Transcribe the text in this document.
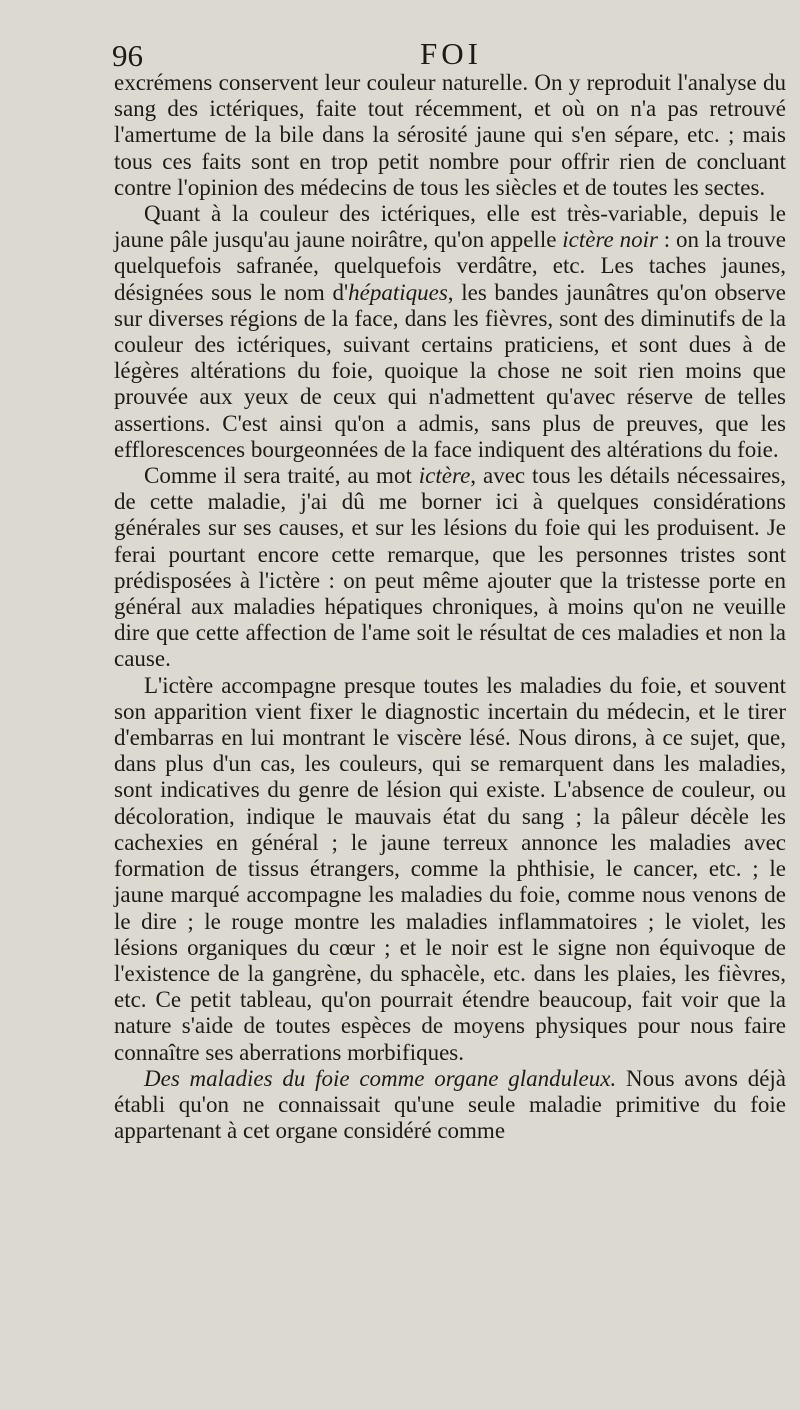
96	FOI

excrémens conservent leur couleur naturelle. On y reproduit l'analyse du sang des ictériques, faite tout récemment, et où on n'a pas retrouvé l'amertume de la bile dans la sérosité jaune qui s'en sépare, etc. ; mais tous ces faits sont en trop petit nombre pour offrir rien de concluant contre l'opinion des médecins de tous les siècles et de toutes les sectes.

Quant à la couleur des ictériques, elle est très-variable, depuis le jaune pâle jusqu'au jaune noirâtre, qu'on appelle ictère noir : on la trouve quelquefois safranée, quelquefois verdâtre, etc. Les taches jaunes, désignées sous le nom d'hépatiques, les bandes jaunâtres qu'on observe sur diverses régions de la face, dans les fièvres, sont des diminutifs de la couleur des ictériques, suivant certains praticiens, et sont dues à de légères altérations du foie, quoique la chose ne soit rien moins que prouvée aux yeux de ceux qui n'admettent qu'avec réserve de telles assertions. C'est ainsi qu'on a admis, sans plus de preuves, que les efflorescences bourgeonnées de la face indiquent des altérations du foie.

Comme il sera traité, au mot ictère, avec tous les détails nécessaires, de cette maladie, j'ai dû me borner ici à quelques considérations générales sur ses causes, et sur les lésions du foie qui les produisent. Je ferai pourtant encore cette remarque, que les personnes tristes sont prédisposées à l'ictère : on peut même ajouter que la tristesse porte en général aux maladies hépatiques chroniques, à moins qu'on ne veuille dire que cette affection de l'ame soit le résultat de ces maladies et non la cause.

L'ictère accompagne presque toutes les maladies du foie, et souvent son apparition vient fixer le diagnostic incertain du médecin, et le tirer d'embarras en lui montrant le viscère lésé. Nous dirons, à ce sujet, que, dans plus d'un cas, les couleurs, qui se remarquent dans les maladies, sont indicatives du genre de lésion qui existe. L'absence de couleur, ou décoloration, indique le mauvais état du sang ; la pâleur décèle les cachexies en général ; le jaune terreux annonce les maladies avec formation de tissus étrangers, comme la phthisie, le cancer, etc. ; le jaune marqué accompagne les maladies du foie, comme nous venons de le dire ; le rouge montre les maladies inflammatoires ; le violet, les lésions organiques du cœur ; et le noir est le signe non équivoque de l'existence de la gangrène, du sphacèle, etc. dans les plaies, les fièvres, etc. Ce petit tableau, qu'on pourrait étendre beaucoup, fait voir que la nature s'aide de toutes espèces de moyens physiques pour nous faire connaître ses aberrations morbifiques.

Des maladies du foie comme organe glanduleux. Nous avons déjà établi qu'on ne connaissait qu'une seule maladie primitive du foie appartenant à cet organe considéré comme
